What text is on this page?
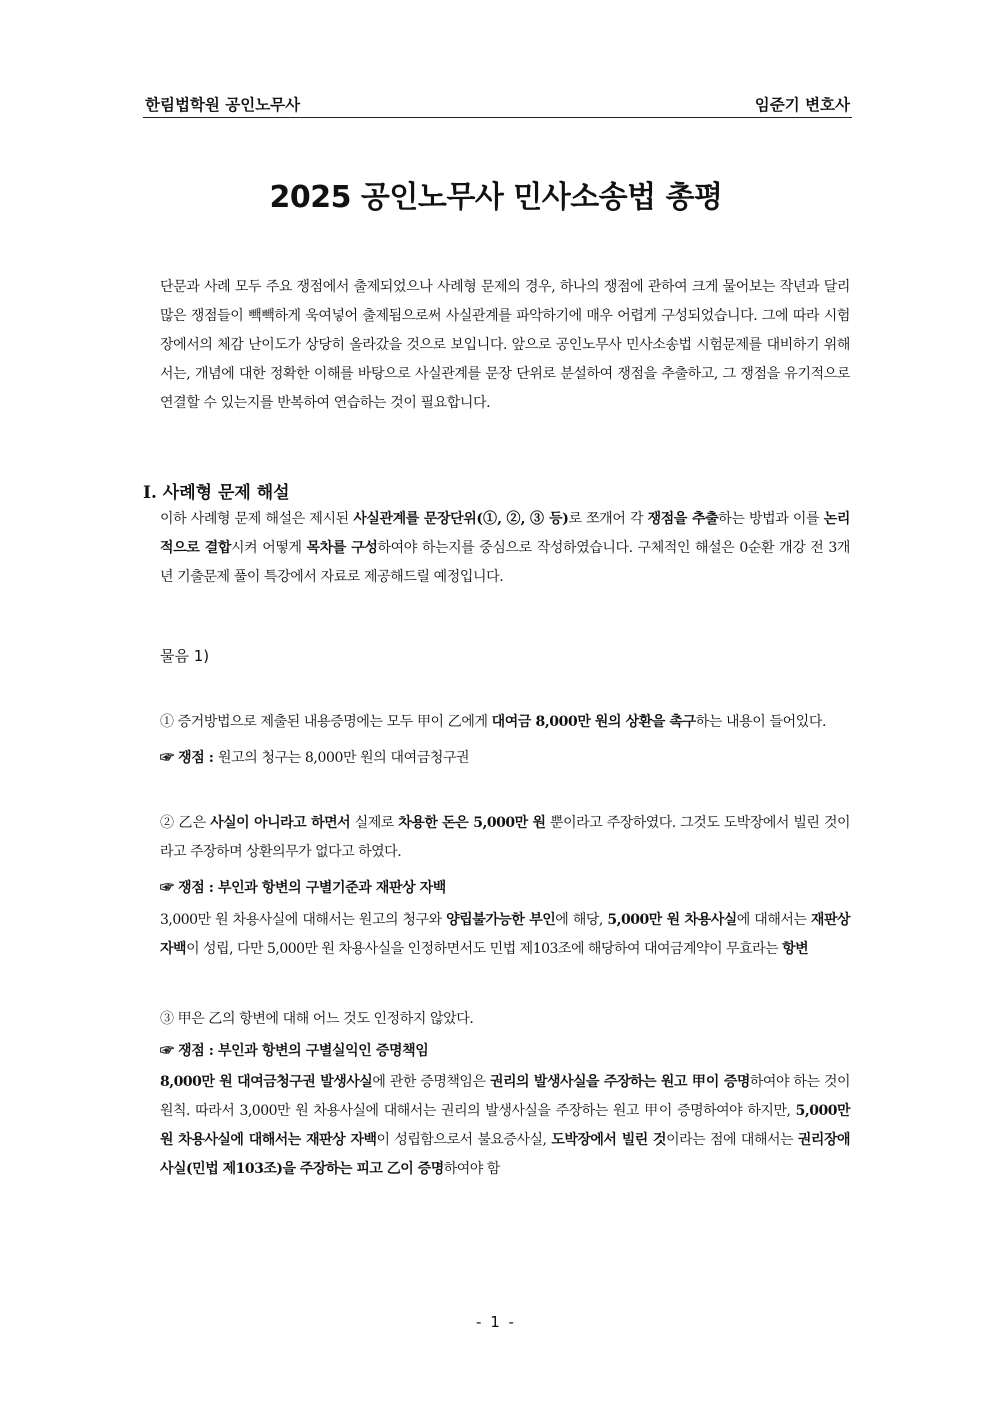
한림법학원 공인노무사	임준기 변호사
2025 공인노무사 민사소송법 총평
단문과 사례 모두 주요 쟁점에서 출제되었으나 사례형 문제의 경우, 하나의 쟁점에 관하여 크게 물어보는 작년과 달리 많은 쟁점들이 빽빽하게 욱여넣어 출제됨으로써 사실관계를 파악하기에 매우 어렵게 구성되었습니다. 그에 따라 시험장에서의 체감 난이도가 상당히 올라갔을 것으로 보입니다. 앞으로 공인노무사 민사소송법 시험문제를 대비하기 위해서는, 개념에 대한 정확한 이해를 바탕으로 사실관계를 문장 단위로 분설하여 쟁점을 추출하고, 그 쟁점을 유기적으로 연결할 수 있는지를 반복하여 연습하는 것이 필요합니다.
I. 사례형 문제 해설
이하 사례형 문제 해설은 제시된 사실관계를 문장단위(①, ②, ③ 등)로 쪼개어 각 쟁점을 추출하는 방법과 이를 논리적으로 결합시켜 어떻게 목차를 구성하여야 하는지를 중심으로 작성하였습니다. 구체적인 해설은 0순환 개강 전 3개년 기출문제 풀이 특강에서 자료로 제공해드릴 예정입니다.
물음 1)
① 증거방법으로 제출된 내용증명에는 모두 甲이 乙에게 대여금 8,000만 원의 상환을 촉구하는 내용이 들어있다.
☞ 쟁점 : 원고의 청구는 8,000만 원의 대여금청구권
② 乙은 사실이 아니라고 하면서 실제로 차용한 돈은 5,000만 원 뿐이라고 주장하였다. 그것도 도박장에서 빌린 것이라고 주장하며 상환의무가 없다고 하였다.
☞ 쟁점 : 부인과 항변의 구별기준과 재판상 자백
3,000만 원 차용사실에 대해서는 원고의 청구와 양립불가능한 부인에 해당, 5,000만 원 차용사실에 대해서는 재판상 자백이 성립, 다만 5,000만 원 차용사실을 인정하면서도 민법 제103조에 해당하여 대여금계약이 무효라는 항변
③ 甲은 乙의 항변에 대해 어느 것도 인정하지 않았다.
☞ 쟁점 : 부인과 항변의 구별실익인 증명책임
8,000만 원 대여금청구권 발생사실에 관한 증명책임은 권리의 발생사실을 주장하는 원고 甲이 증명하여야 하는 것이 원칙. 따라서 3,000만 원 차용사실에 대해서는 권리의 발생사실을 주장하는 원고 甲이 증명하여야 하지만, 5,000만 원 차용사실에 대해서는 재판상 자백이 성립함으로서 불요증사실, 도박장에서 빌린 것이라는 점에 대해서는 권리장애사실(민법 제103조)을 주장하는 피고 乙이 증명하여야 함
- 1 -
